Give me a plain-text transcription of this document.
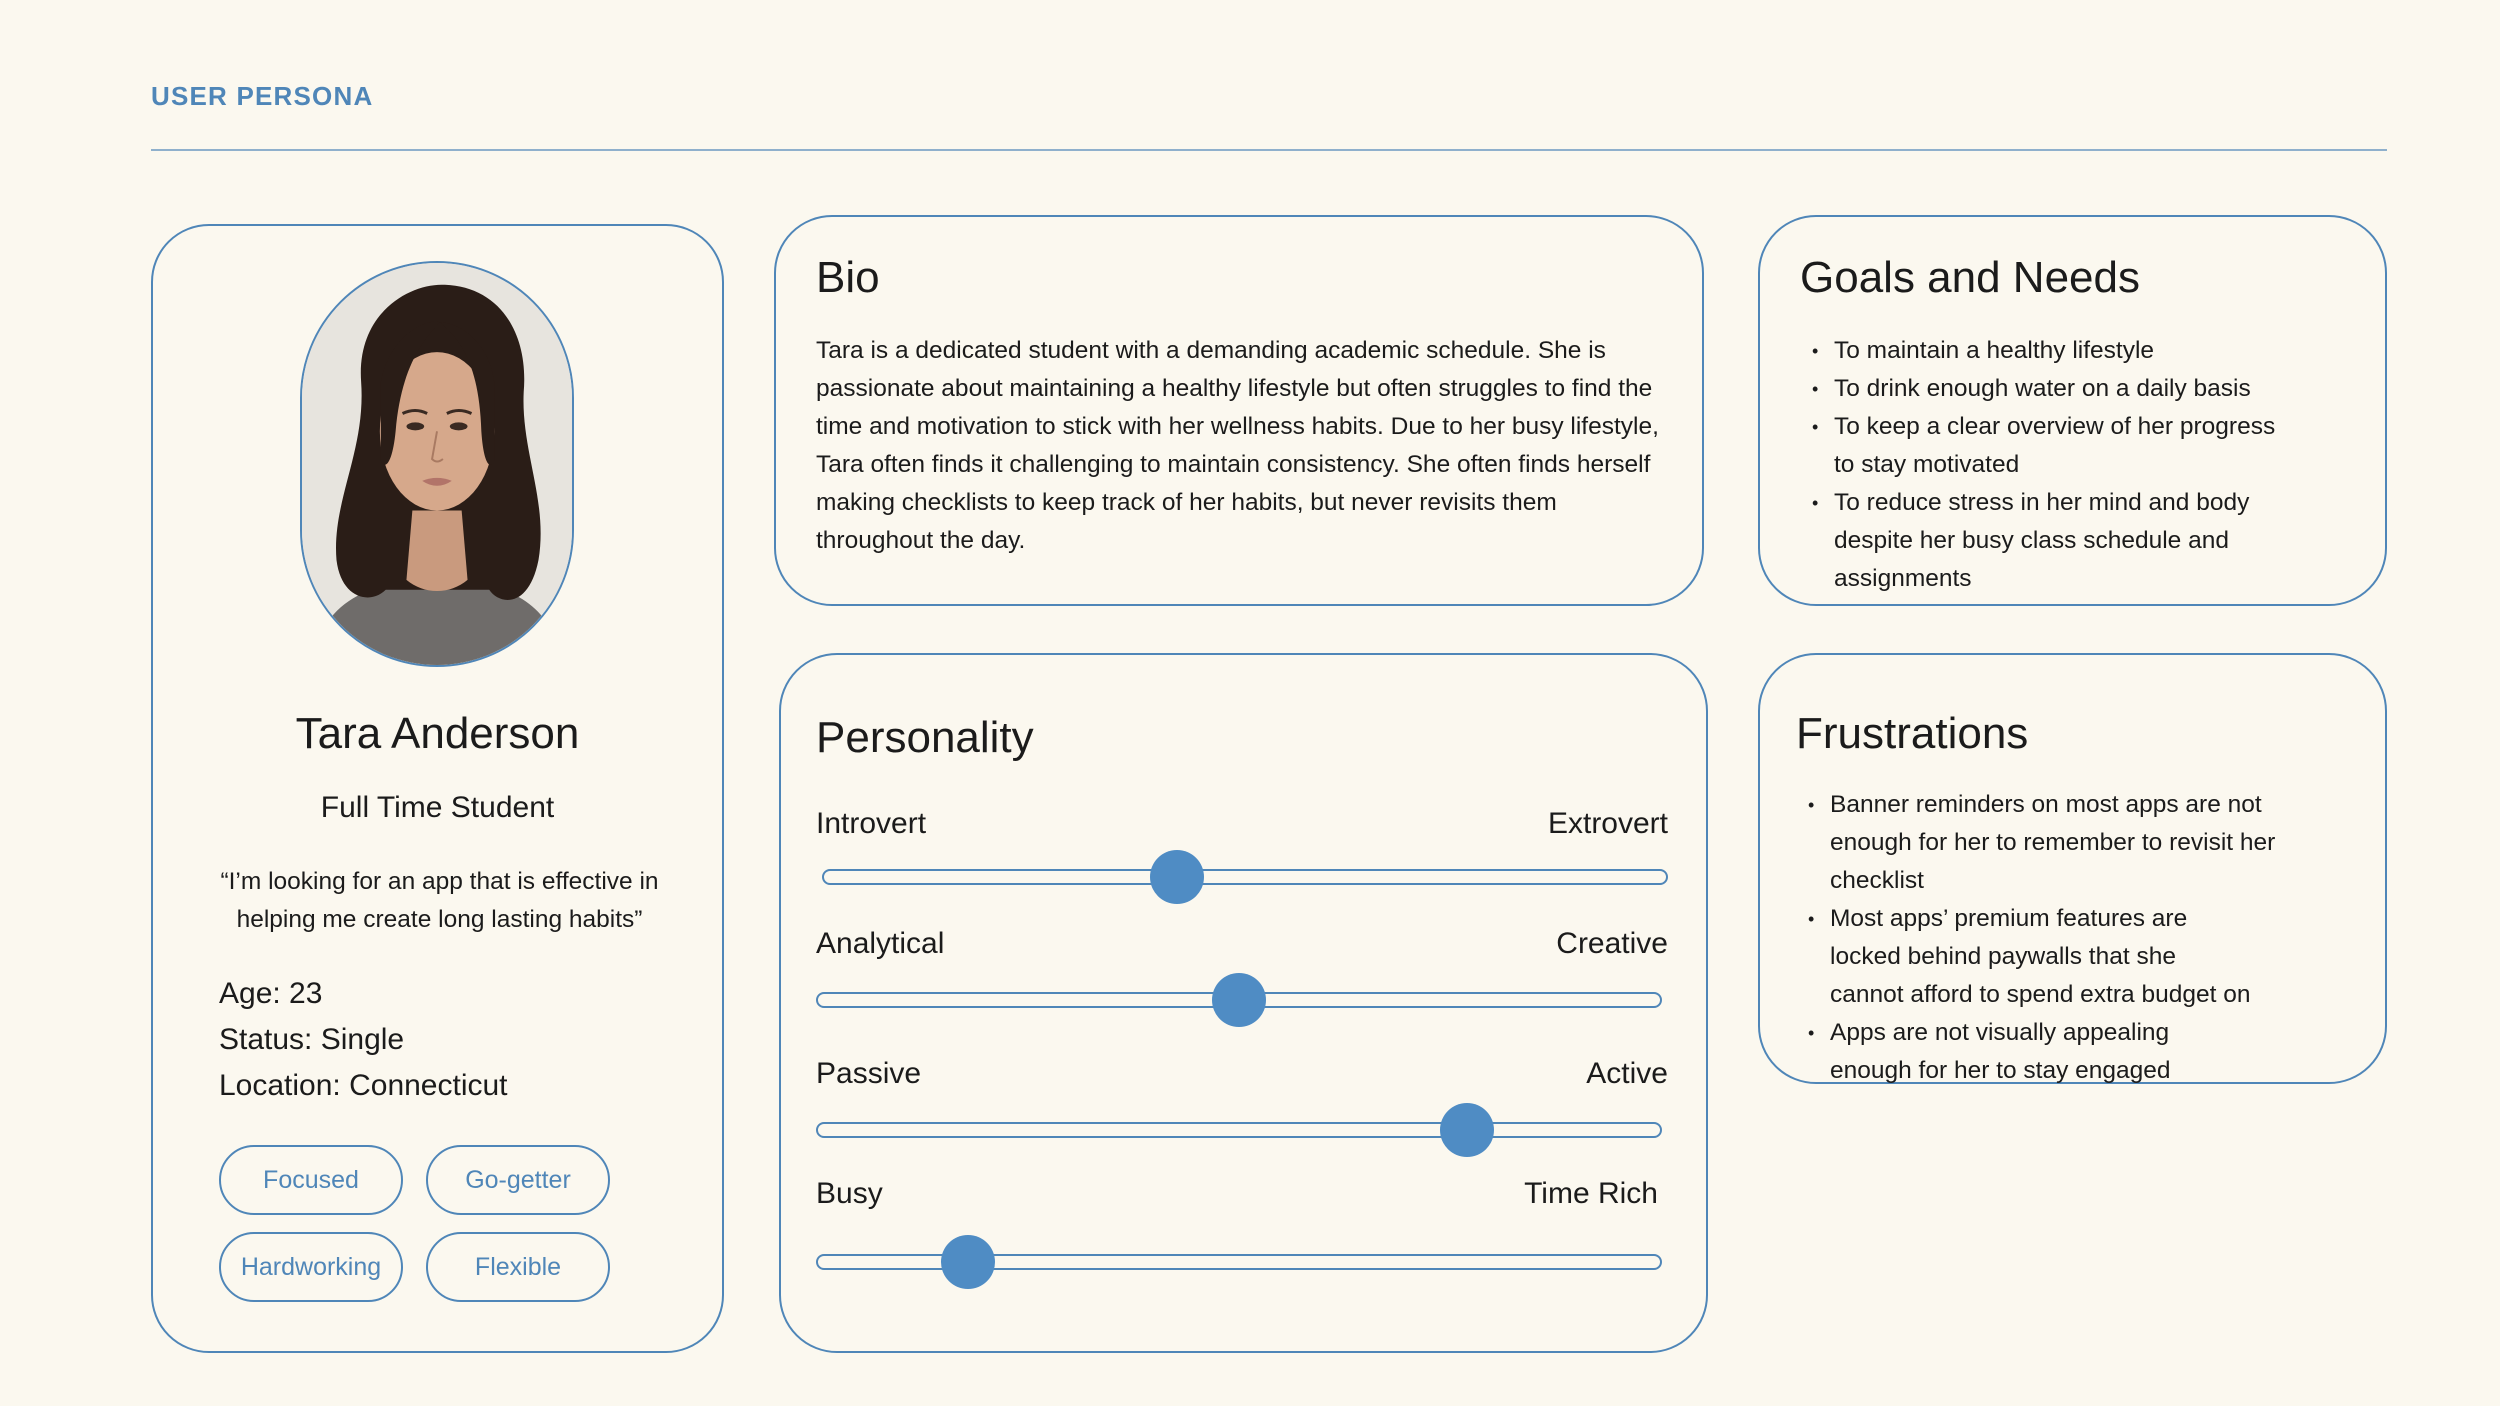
USER PERSONA
Tara Anderson
Full Time Student
“I’m looking for an app that is effective in helping me create long lasting habits”
Age: 23
Status: Single
Location: Connecticut
Focused	Go-getter
Hardworking	Flexible
Bio
Tara is a dedicated student with a demanding academic schedule. She is
passionate about maintaining a healthy lifestyle but often struggles to find the
time and motivation to stick with her wellness habits. Due to her busy lifestyle,
Tara often finds it challenging to maintain consistency. She often finds herself
making checklists to keep track of her habits, but never revisits them
throughout the day.
Goals and Needs
• To maintain a healthy lifestyle
• To drink enough water on a daily basis
• To keep a clear overview of her progress to stay motivated
• To reduce stress in her mind and body despite her busy class schedule and assignments
Frustrations
• Banner reminders on most apps are not enough for her to remember to revisit her checklist
• Most apps’ premium features are locked behind paywalls that she cannot afford to spend extra budget on
• Apps are not visually appealing enough for her to stay engaged
Personality
Introvert	Extrovert
Analytical	Creative
Passive	Active
Busy	Time Rich
